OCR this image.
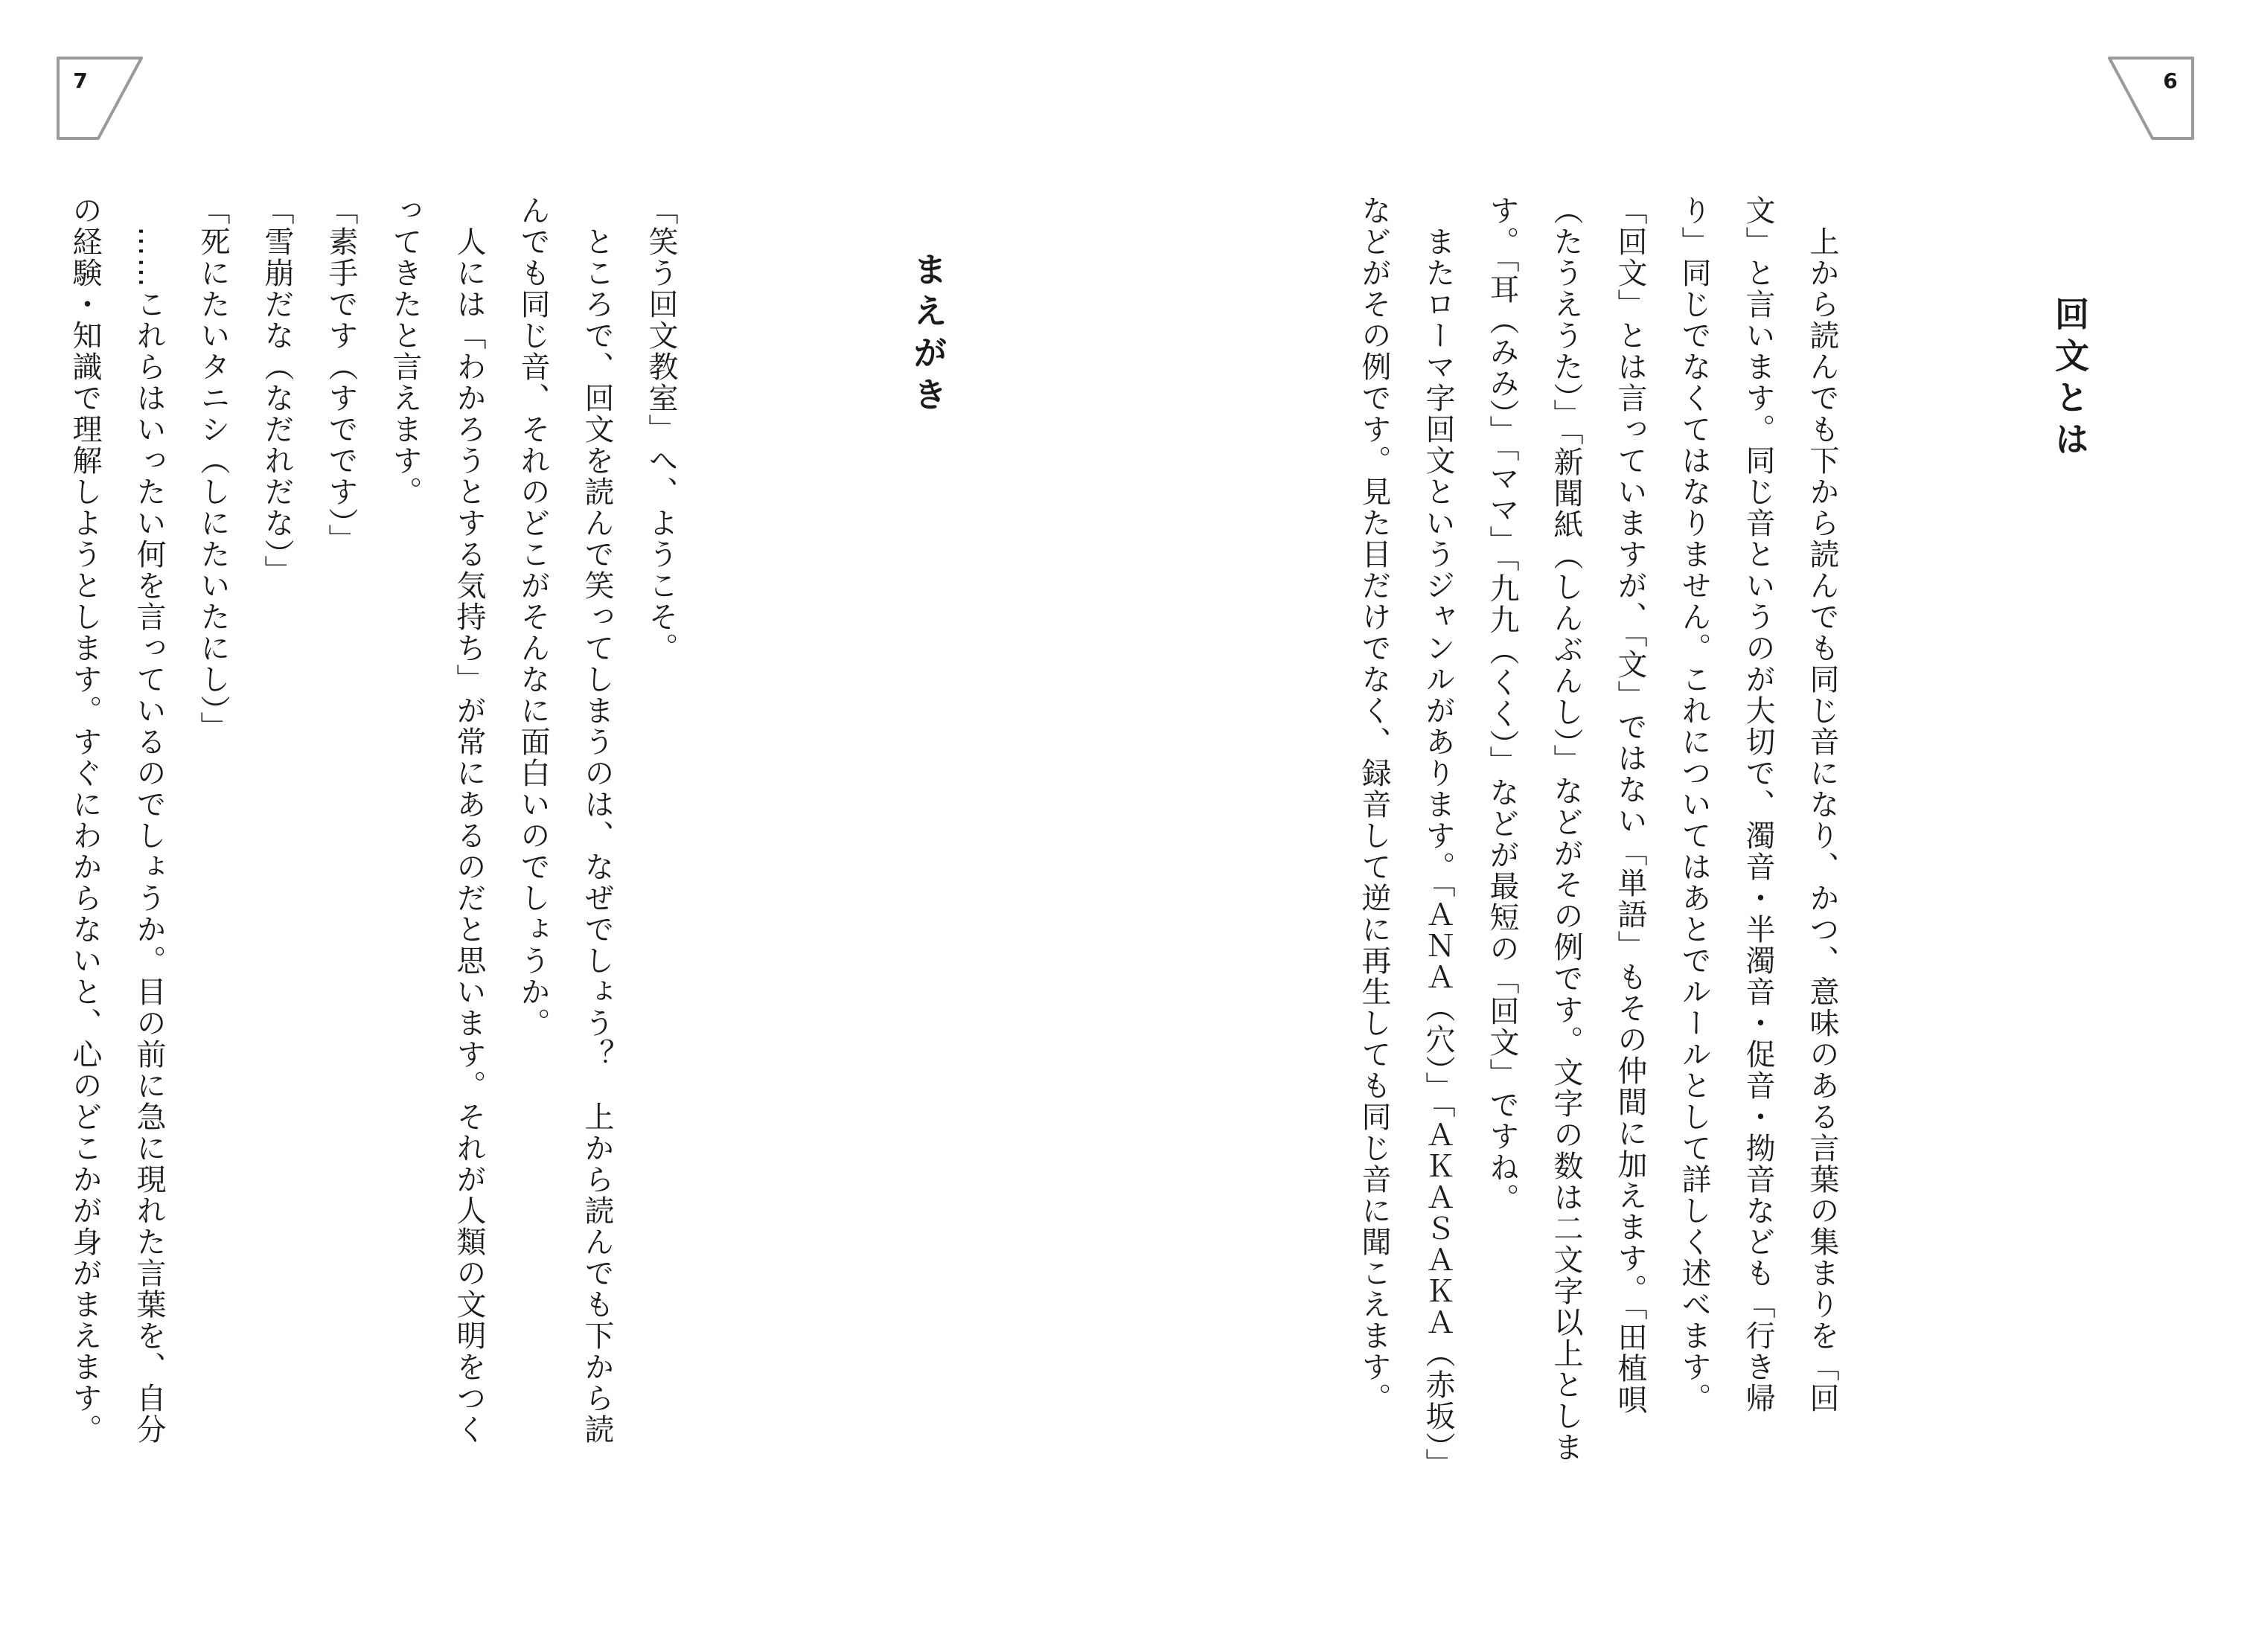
7	6
回文とは
　上から読んでも下から読んでも同じ音になり、かつ、意味のある言葉の集まりを「回
文」と言います。同じ音というのが大切で、濁音・半濁音・促音・拗音なども「行き帰
り」同じでなくてはなりません。これについてはあとでルールとして詳しく述べます。
「回文」とは言っていますが、「文」ではない「単語」もその仲間に加えます。「田植唄
（たうえうた）」「新聞紙（しんぶんし）」などがその例です。文字の数は二文字以上としま
す。「耳（みみ）」「ママ」「九九（くく）」などが最短の「回文」ですね。
　またローマ字回文というジャンルがあります。「ＡＮＡ（穴）」「ＡＫＡＳＡＫＡ（赤坂）」
などがその例です。見た目だけでなく、録音して逆に再生しても同じ音に聞こえます。
まえがき
「笑う回文教室」へ、ようこそ。
　ところで、回文を読んで笑ってしまうのは、なぜでしょう？　上から読んでも下から読
んでも同じ音、それのどこがそんなに面白いのでしょうか。
　人には「わかろうとする気持ち」が常にあるのだと思います。それが人類の文明をつく
ってきたと言えます。
「素手です（すでです）」
「雪崩だな（なだれだな）」
「死にたいタニシ（しにたいたにし）」
　……これらはいったい何を言っているのでしょうか。目の前に急に現れた言葉を、自分
の経験・知識で理解しようとします。すぐにわからないと、心のどこかが身がまえます。
